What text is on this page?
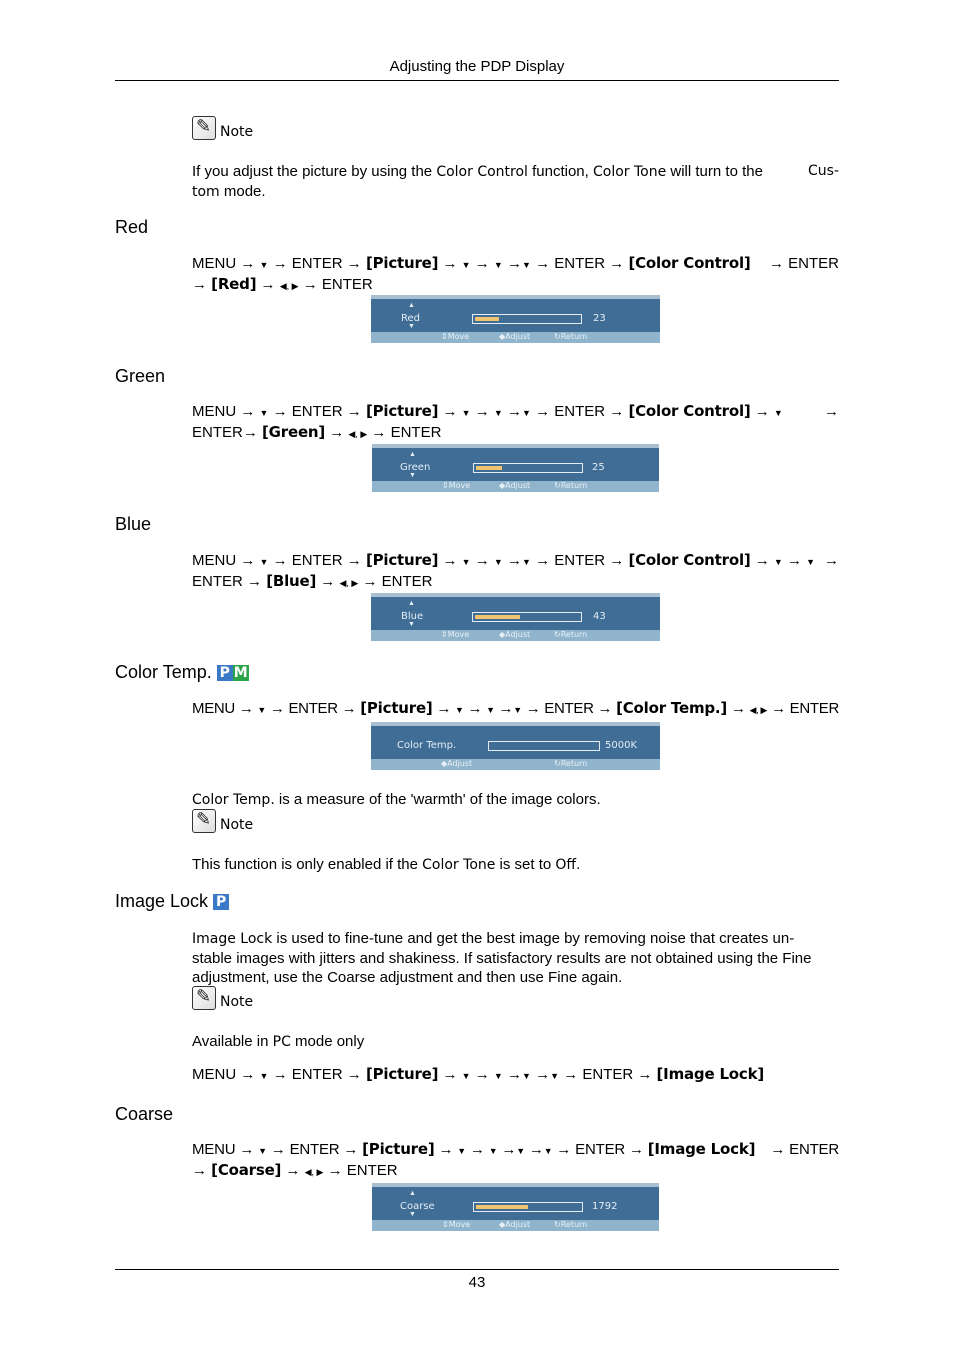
Adjusting the PDP Display
✎Note
If you adjust the picture by using the Color Control function, Color Tone will turn to the	Cus-
tom mode.
Red
MENU → ▼ → ENTER → [Picture] → ▼ → ▼ →▼ → ENTER → [Color Control] → ENTER
→ [Red] → ◀, ▶ → ENTER
▲
▼
Red	23
⇕ Move	◆ Adjust	↻ Return
Green
MENU → ▼ → ENTER → [Picture] → ▼ → ▼ →▼ → ENTER → [Color Control] → ▼	→
ENTER→ [Green] → ◀, ▶ → ENTER
▲
▼
Green	25
⇕ Move	◆ Adjust	↻ Return
Blue
MENU → ▼ → ENTER → [Picture] → ▼ → ▼ →▼ → ENTER → [Color Control] → ▼ → ▼ →
ENTER → [Blue] → ◀, ▶ → ENTER
▲
▼
Blue	43
⇕ Move	◆ Adjust	↻ Return
Color Temp. P M
MENU → ▼ → ENTER → [Picture] → ▼ → ▼ →▼ → ENTER → [Color Temp.] → ◀, ▶ → ENTER
Color Temp.	5000K
◆ Adjust	↻ Return
Color Temp. is a measure of the 'warmth' of the image colors.
✎Note
This function is only enabled if the Color Tone is set to Off.
Image Lock P
Image Lock is used to fine-tune and get the best image by removing noise that creates un-
stable images with jitters and shakiness. If satisfactory results are not obtained using the Fine
adjustment, use the Coarse adjustment and then use Fine again.
✎Note
Available in PC mode only
MENU → ▼ → ENTER → [Picture] → ▼ → ▼ →▼ →▼ → ENTER → [Image Lock]
Coarse
MENU → ▼ → ENTER → [Picture] → ▼ → ▼ →▼ →▼ → ENTER → [Image Lock] → ENTER
→ [Coarse] → ◀, ▶ → ENTER
▲
▼
Coarse	1792
⇕ Move	◆ Adjust	↻ Return
43
